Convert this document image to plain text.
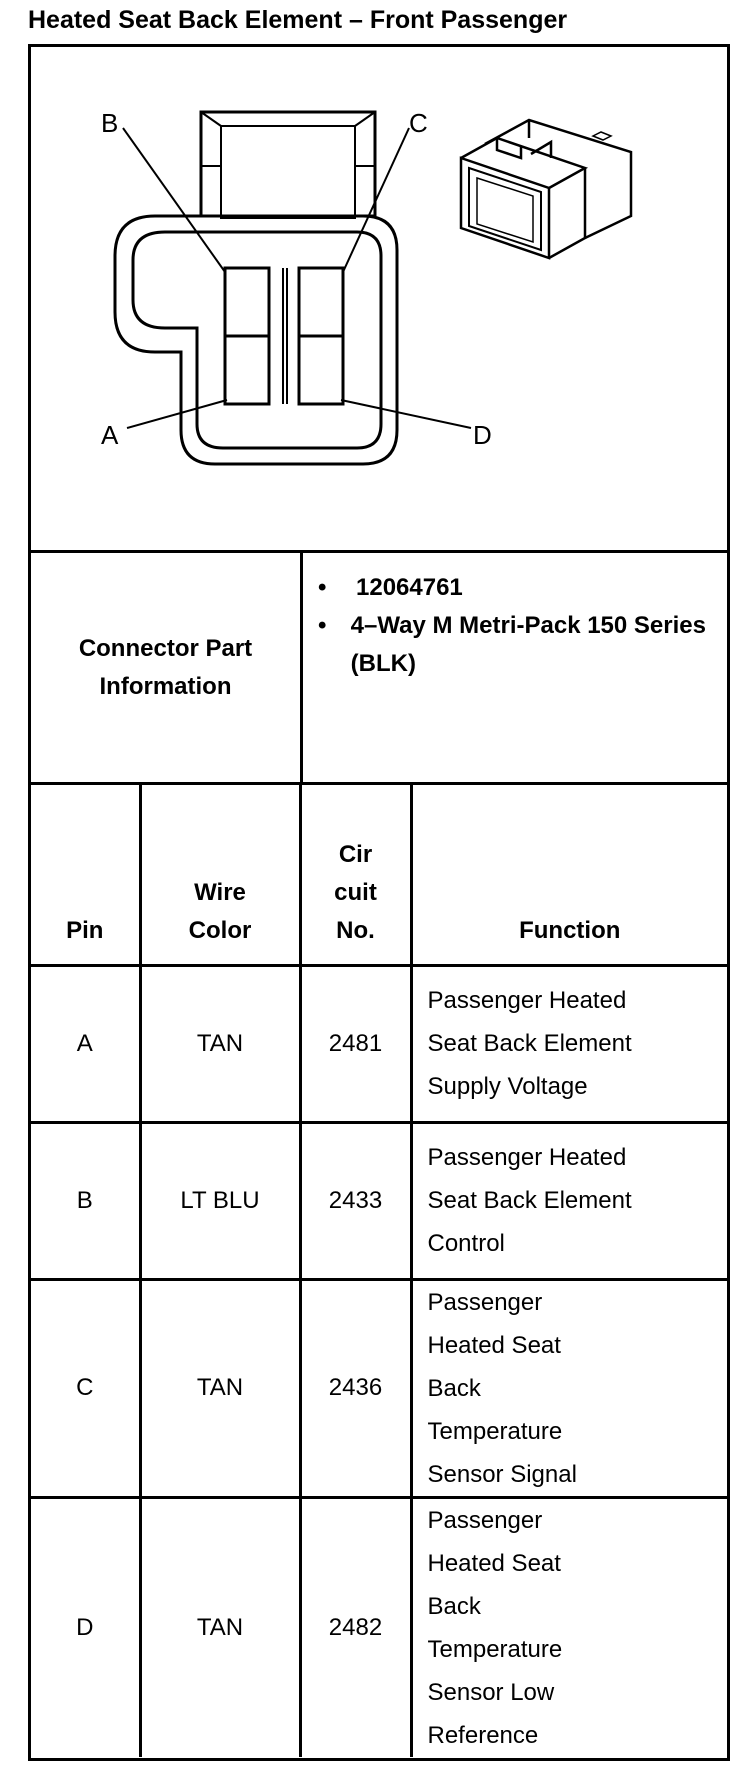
Heated Seat Back Element – Front Passenger
B	C
A	D
Connector Part Information
•	12064761
•	4–Way M Metri-Pack 150 Series (BLK)
Pin	Wire Color	Cir cuit No.	Function
A	TAN	2481	Passenger Heated Seat Back Element Supply Voltage

B	LT BLU	2433	Passenger Heated Seat Back Element Control

C	TAN	2436	Passenger Heated Seat Back Temperature Sensor Signal

D	TAN	2482	Passenger Heated Seat Back Temperature Sensor Low Reference
